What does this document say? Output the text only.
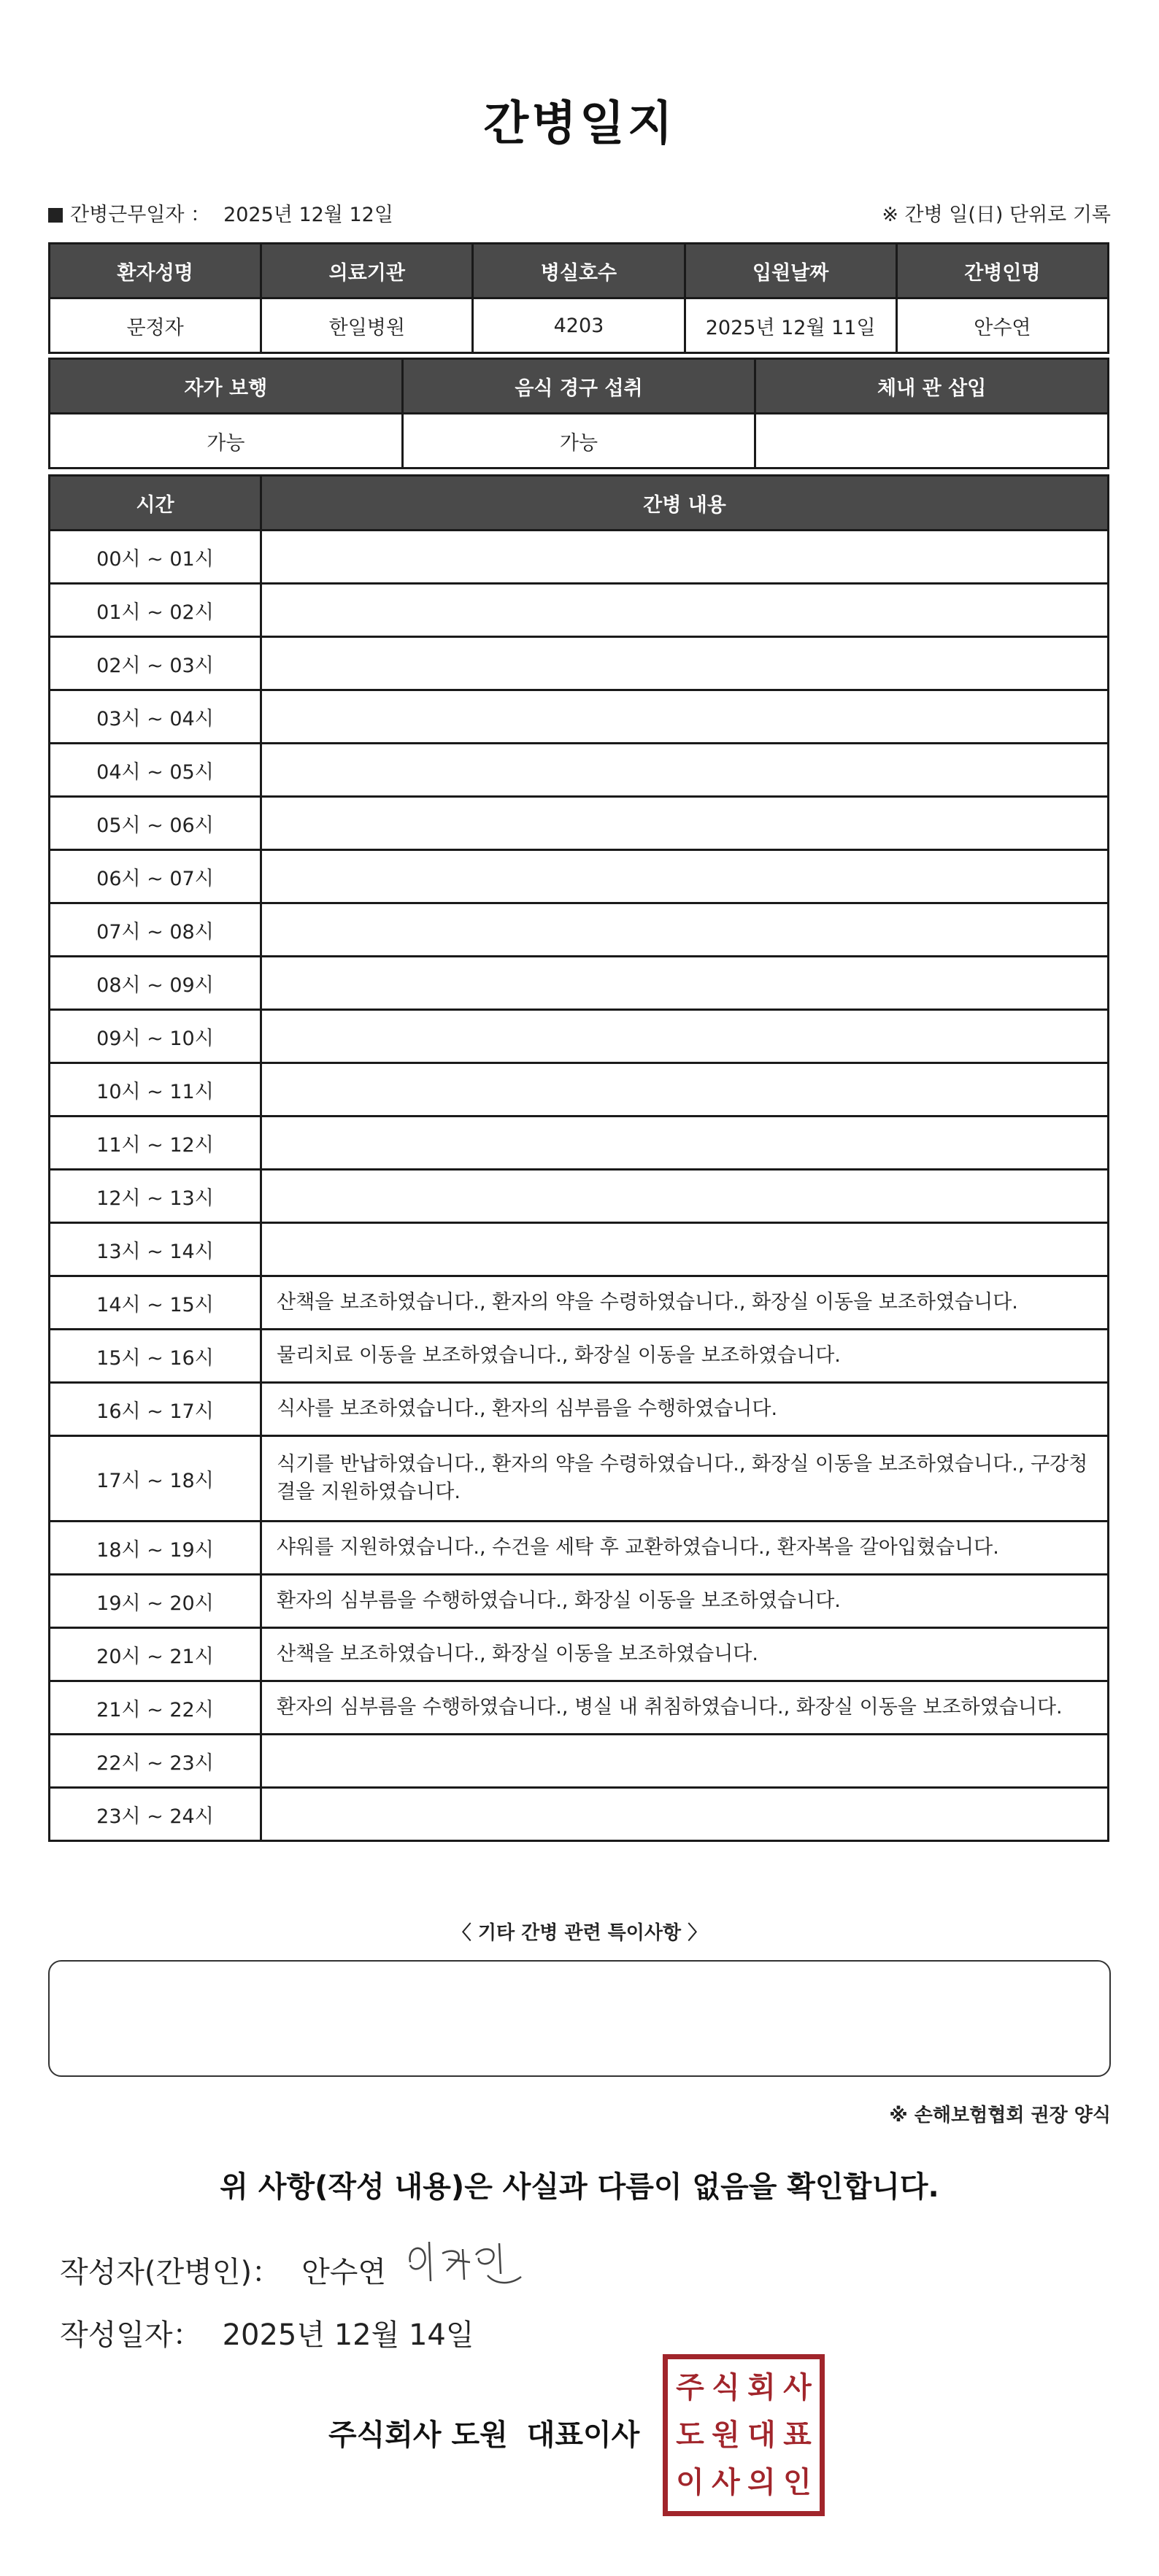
간병일지
간병근무일자 ： 2025년 12월 12일	※ 간병 일(日) 단위로 기록
환자성명	의료기관	병실호수	입원날짜	간병인명
문정자	한일병원	4203	2025년 12월 11일	안수연
자가 보행	음식 경구 섭취	체내 관 삽입
가능	가능	
시간	간병 내용
00시 ~ 01시	
01시 ~ 02시	
02시 ~ 03시	
03시 ~ 04시	
04시 ~ 05시	
05시 ~ 06시	
06시 ~ 07시	
07시 ~ 08시	
08시 ~ 09시	
09시 ~ 10시	
10시 ~ 11시	
11시 ~ 12시	
12시 ~ 13시	
13시 ~ 14시	
14시 ~ 15시	산책을 보조하였습니다., 환자의 약을 수령하였습니다., 화장실 이동을 보조하였습니다.
15시 ~ 16시	물리치료 이동을 보조하였습니다., 화장실 이동을 보조하였습니다.
16시 ~ 17시	식사를 보조하였습니다., 환자의 심부름을 수행하였습니다.
17시 ~ 18시	식기를 반납하였습니다., 환자의 약을 수령하였습니다., 화장실 이동을 보조하였습니다., 구강청결을 지원하였습니다.
18시 ~ 19시	샤워를 지원하였습니다., 수건을 세탁 후 교환하였습니다., 환자복을 갈아입혔습니다.
19시 ~ 20시	환자의 심부름을 수행하였습니다., 화장실 이동을 보조하였습니다.
20시 ~ 21시	산책을 보조하였습니다., 화장실 이동을 보조하였습니다.
21시 ~ 22시	환자의 심부름을 수행하였습니다., 병실 내 취침하였습니다., 화장실 이동을 보조하였습니다.
22시 ~ 23시	
23시 ~ 24시	
〈 기타 간병 관련 특이사항 〉
※ 손해보험협회 권장 양식
위 사항(작성 내용)은 사실과 다름이 없음을 확인합니다.
작성자(간병인)： 안수연
작성일자： 2025년 12월 14일
주식회사 도원 대표이사
주 식 회 사
도 원 대 표
이 사 의 인
